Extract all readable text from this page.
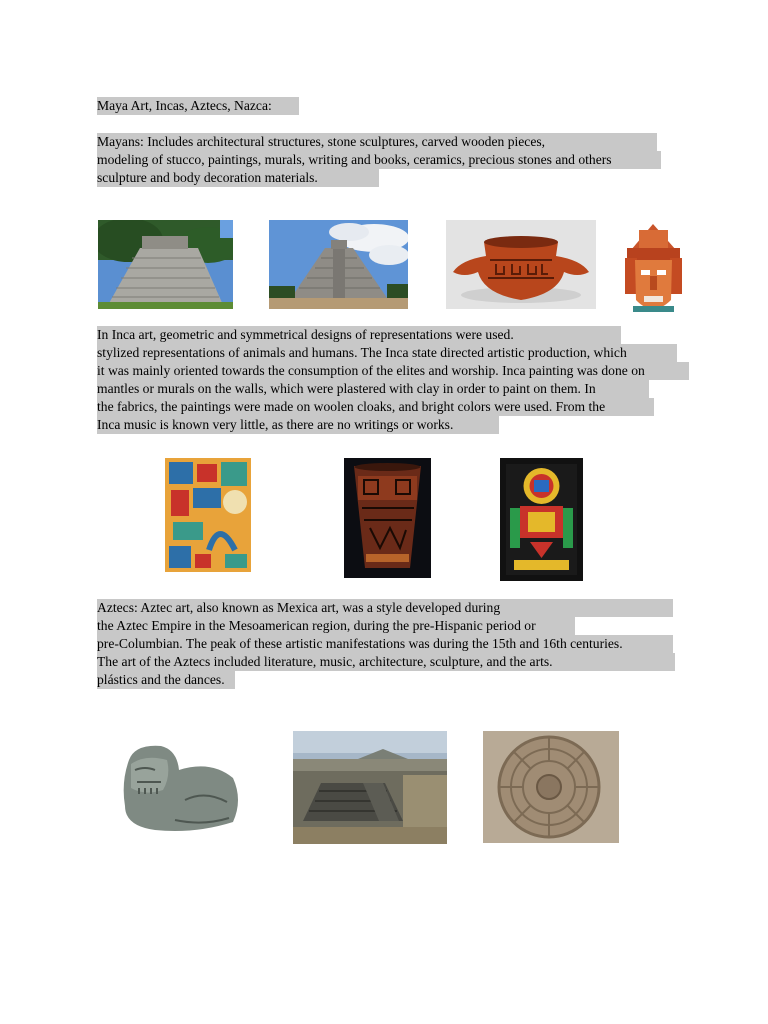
Maya Art, Incas, Aztecs, Nazca:
Mayans: Includes architectural structures, stone sculptures, carved wooden pieces,
modeling of stucco, paintings, murals, writing and books, ceramics, precious stones and others
sculpture and body decoration materials.
In Inca art, geometric and symmetrical designs of representations were used.
stylized representations of animals and humans. The Inca state directed artistic production, which
it was mainly oriented towards the consumption of the elites and worship. Inca painting was done on
mantles or murals on the walls, which were plastered with clay in order to paint on them. In
the fabrics, the paintings were made on woolen cloaks, and bright colors were used. From the
Inca music is known very little, as there are no writings or works.
Aztecs: Aztec art, also known as Mexica art, was a style developed during
the Aztec Empire in the Mesoamerican region, during the pre-Hispanic period or
pre-Columbian. The peak of these artistic manifestations was during the 15th and 16th centuries.
The art of the Aztecs included literature, music, architecture, sculpture, and the arts.
plástics and the dances.
